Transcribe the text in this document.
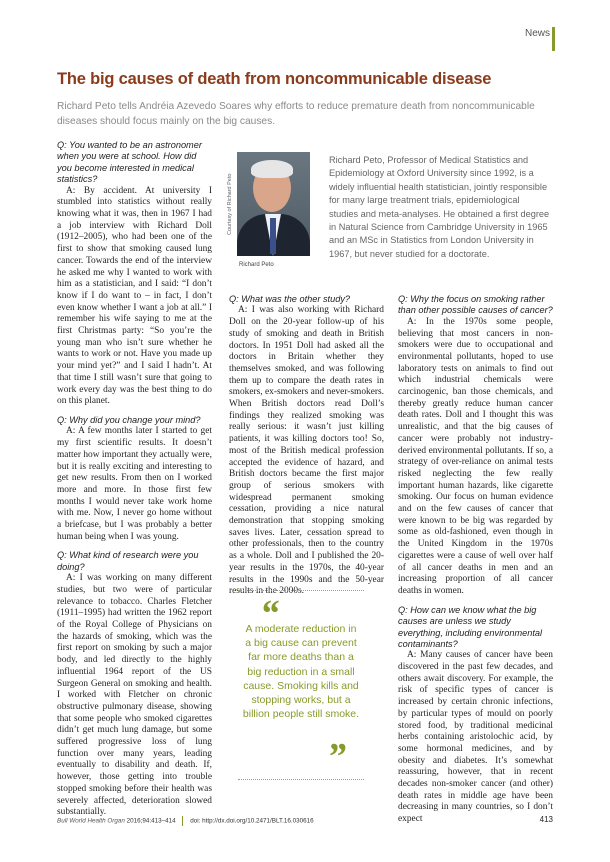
News
The big causes of death from noncommunicable disease

Richard Peto tells Andréia Azevedo Soares why efforts to reduce premature death from noncommunicable diseases should focus mainly on the big causes.

Courtesy of Richard Peto
Richard Peto
Richard Peto, Professor of Medical Statistics and Epidemiology at Oxford University since 1992, is a widely influential health statistician, jointly responsible for many large treatment trials, epidemiological studies and meta-analyses. He obtained a first degree in Natural Science from Cambridge University in 1965 and an MSc in Statistics from London University in 1967, but never studied for a doctorate.

Q: You wanted to be an astronomer when you were at school. How did you become interested in medical statistics?

A: By accident. At university I stumbled into statistics without really knowing what it was, then in 1967 I had a job interview with Richard Doll (1912–2005), who had been one of the first to show that smoking caused lung cancer. Towards the end of the interview he asked me why I wanted to work with him as a statistician, and I said: “I don’t know if I do want to – in fact, I don’t even know whether I want a job at all.” I remember his wife saying to me at the first Christmas party: “So you’re the young man who isn’t sure whether he wants to work or not. Have you made up your mind yet?” and I said I hadn’t. At that time I still wasn’t sure that going to work every day was the best thing to do on this planet.

Q: Why did you change your mind?

A: A few months later I started to get my first scientific results. It doesn’t matter how important they actually were, but it is really exciting and interesting to get new results. From then on I worked more and more. In those first few months I would never take work home with me. Now, I never go home without a briefcase, but I was probably a better human being when I was young.

Q: What kind of research were you doing?

A: I was working on many different studies, but two were of particular relevance to tobacco. Charles Fletcher (1911–1995) had written the 1962 report of the Royal College of Physicians on the hazards of smoking, which was the first report on smoking by such a major body, and led directly to the highly influential 1964 report of the US Surgeon General on smoking and health. I worked with Fletcher on chronic obstructive pulmonary disease, showing that some people who smoked cigarettes didn’t get much lung damage, but some suffered progressive loss of lung function over many years, leading eventually to disability and death. If, however, those getting into trouble stopped smoking before their health was severely affected, deterioration slowed substantially.

Q: What was the other study?

A: I was also working with Richard Doll on the 20-year follow-up of his study of smoking and death in British doctors. In 1951 Doll had asked all the doctors in Britain whether they themselves smoked, and was following them up to compare the death rates in smokers, ex-smokers and never-smokers. When British doctors read Doll’s findings they realized smoking was really serious: it wasn’t just killing patients, it was killing doctors too! So, most of the British medical profession accepted the evidence of hazard, and British doctors became the first major group of serious smokers with widespread permanent smoking cessation, providing a nice natural demonstration that stopping smoking saves lives. Later, cessation spread to other professionals, then to the country as a whole. Doll and I published the 20-year results in the 1970s, the 40-year results in the 1990s and the 50-year results in the 2000s.

Q: Why the focus on smoking rather than other possible causes of cancer?

A: In the 1970s some people, believing that most cancers in non-smokers were due to occupational and environmental pollutants, hoped to use laboratory tests on animals to find out which industrial chemicals were carcinogenic, ban those chemicals, and thereby greatly reduce human cancer death rates. Doll and I thought this was unrealistic, and that the big causes of cancer were probably not industry-derived environmental pollutants. If so, a strategy of over-reliance on animal tests risked neglecting the few really important human hazards, like cigarette smoking. Our focus on human evidence and on the few causes of cancer that were known to be big was regarded by some as old-fashioned, even though in the United Kingdom in the 1970s cigarettes were a cause of well over half of all cancer deaths in men and an increasing proportion of all cancer deaths in women.

Q: How can we know what the big causes are unless we study everything, including environmental contaminants?

A: Many causes of cancer have been discovered in the past few decades, and others await discovery. For example, the risk of specific types of cancer is increased by certain chronic infections, by particular types of mould on poorly stored food, by traditional medicinal herbs containing aristolochic acid, by some hormonal medicines, and by obesity and diabetes. It’s somewhat reassuring, however, that in recent decades non-smoker cancer (and other) death rates in middle age have been decreasing in many countries, so I don’t expect

“
A moderate reduction in a big cause can prevent far more deaths than a big reduction in a small cause. Smoking kills and stopping works, but a billion people still smoke.
”
Bull World Health Organ 2016;94:413–414 doi: http://dx.doi.org/10.2471/BLT.16.030616	413
